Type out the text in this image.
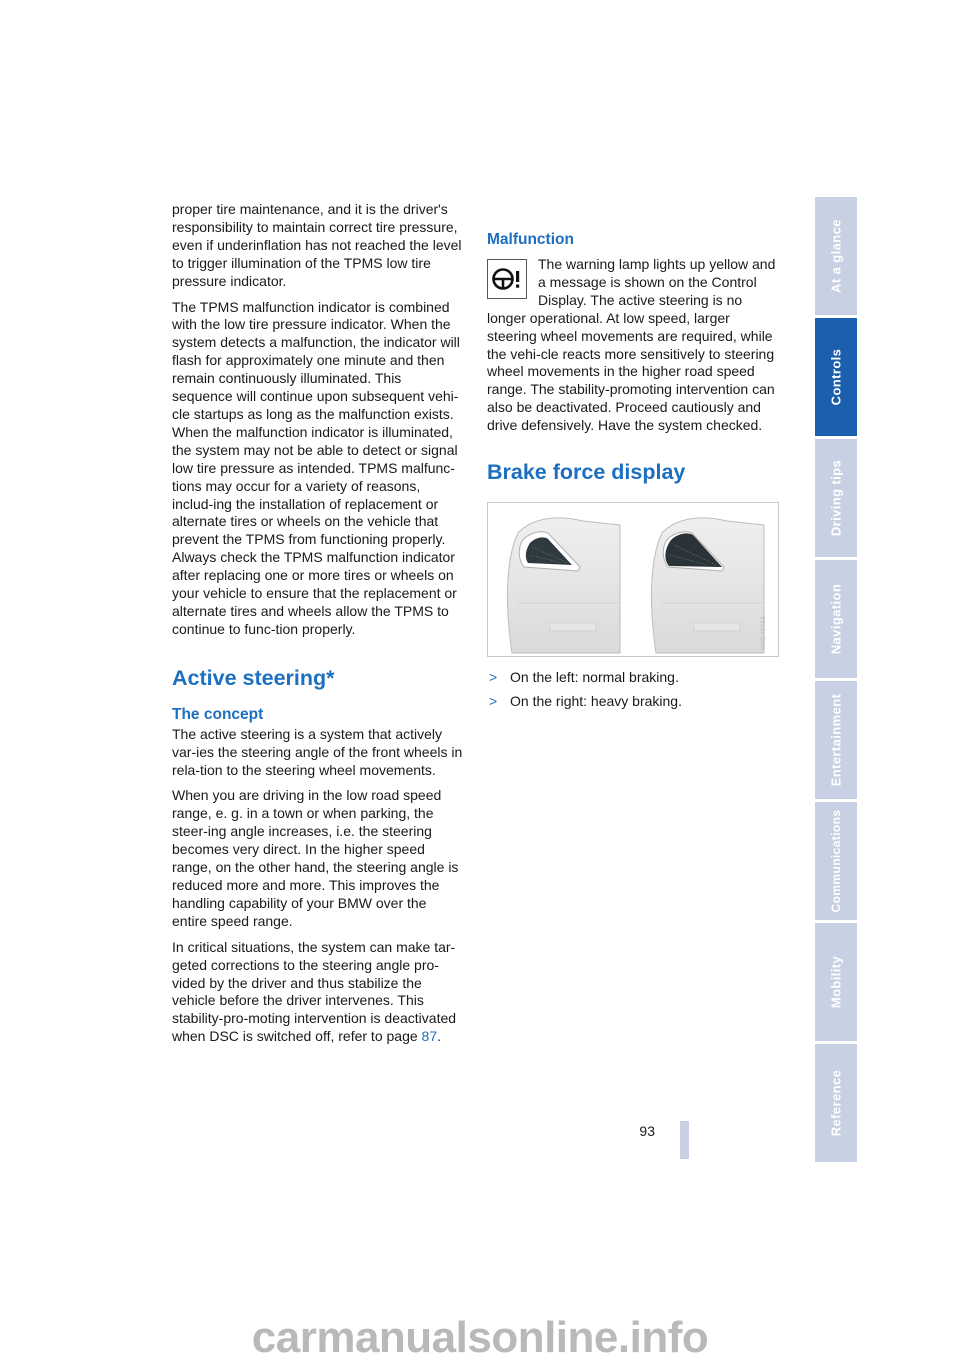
proper tire maintenance, and it is the driver's responsibility to maintain correct tire pressure, even if underinflation has not reached the level to trigger illumination of the TPMS low tire pressure indicator.

The TPMS malfunction indicator is combined with the low tire pressure indicator. When the system detects a malfunction, the indicator will flash for approximately one minute and then remain continuously illuminated. This sequence will continue upon subsequent vehi-cle startups as long as the malfunction exists. When the malfunction indicator is illuminated, the system may not be able to detect or signal low tire pressure as intended. TPMS malfunc-tions may occur for a variety of reasons, includ-ing the installation of replacement or alternate tires or wheels on the vehicle that prevent the TPMS from functioning properly. Always check the TPMS malfunction indicator after replacing one or more tires or wheels on your vehicle to ensure that the replacement or alternate tires and wheels allow the TPMS to continue to func-tion properly.

Active steering*
The concept

The active steering is a system that actively var-ies the steering angle of the front wheels in rela-tion to the steering wheel movements.

When you are driving in the low road speed range, e. g. in a town or when parking, the steer-ing angle increases, i.e. the steering becomes very direct. In the higher speed range, on the other hand, the steering angle is reduced more and more. This improves the handling capability of your BMW over the entire speed range.

In critical situations, the system can make tar-geted corrections to the steering angle pro-vided by the driver and thus stabilize the vehicle before the driver intervenes. This stability-pro-moting intervention is deactivated when DSC is switched off, refer to page 87.

Malfunction

The warning lamp lights up yellow and a message is shown on the Control Display. The active steering is no longer operational. At low speed, larger steering wheel movements are required, while the vehi-cle reacts more sensitively to steering wheel movements in the higher road speed range. The stability-promoting intervention can also be deactivated. Proceed cautiously and drive defensively. Have the system checked.

Brake force display
W0E45082
> On the left: normal braking.
> On the right: heavy braking.
At a glance
Controls
Driving tips
Navigation
Entertainment
Communications
Mobility
Reference
93
carmanualsonline.info
